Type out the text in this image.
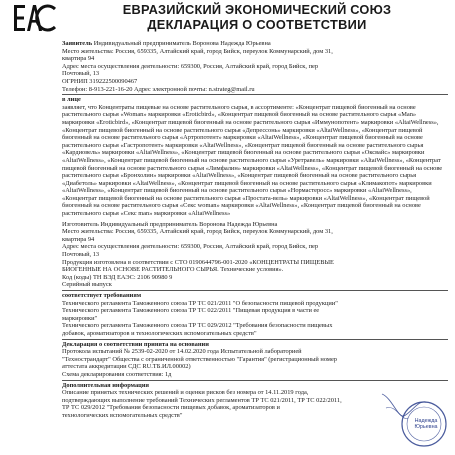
ЕВРАЗИЙСКИЙ ЭКОНОМИЧЕСКИЙ СОЮЗ
ДЕКЛАРАЦИЯ О СООТВЕТСТВИИ
Заявитель Индивидуальный предприниматель Воронова Надежда Юрьевна
Место жительства: Россия, 659335, Алтайский край, город Бийск, переулок Коммунарский, дом 31,
квартира 94
Адрес места осуществления деятельности: 659300, Россия, Алтайский край, город Бийск, пер
Почтовый, 13
ОГРНИП 319222500090467
Телефон: 8-913-221-16-20 Адрес электронной почты: n.strateg@mail.ru
в лице
заявляет, что Концентраты пищевые на основе растительного сырья, в ассортименте: «Концентрат пищевой биогенный на основе растительного сырья «Woman» маркировки «Eroticbird», «Концентрат пищевой биогенный на основе растительного сырья «Man» маркировки «Eroticbird», «Концентрат пищевой биогенный на основе растительного сырья «Иммунопотент» маркировки «AltaiWellness», «Концентрат пищевой биогенный на основе растительного сырья «Депрессонь» маркировки «AltaiWellness», «Концентрат пищевой биогенный на основе растительного сырья «Артропотент» маркировки «AltaiWellness», «Концентрат пищевой биогенный на основе растительного сырья «Гастропотент» маркировки «AltaiWellness», «Концентрат пищевой биогенный на основе растительного сырья «Кардиовель» маркировки «AltaiWellness», «Концентрат пищевой биогенный на основе растительного сырья «Оксвайс» маркировки «AltaiWellness», «Концентрат пищевой биогенный на основе растительного сырья «Уретравель» маркировки «AltaiWellness», «Концентрат пищевой биогенный на основе растительного сырья «Лимфалин» маркировки «AltaiWellness», «Концентрат пищевой биогенный на основе растительного сырья «Бронхолин» маркировки «AltaiWellness», «Концентрат пищевой биогенный на основе растительного сырья «Диабетоль» маркировки «AltaiWellness», «Концентрат пищевой биогенный на основе растительного сырья «Климакопот» маркировки «AltaiWellness», «Концентрат пищевой биогенный на основе растительного сырья «Нормастеросс» маркировки «AltaiWellness», «Концентрат пищевой биогенный на основе растительного сырья «Простата-вель» маркировки «AltaiWellness», «Концентрат пищевой биогенный на основе растительного сырья «Секс woman» маркировки «AltaiWellness», «Концентрат пищевой биогенный на основе растительного сырья «Секс man» маркировки «AltaiWellness»
Изготовитель Индивидуальный предприниматель Воронова Надежда Юрьевна
Место жительства: Россия, 659335, Алтайский край, город Бийск, переулок Коммунарский, дом 31,
квартира 94
Адрес места осуществления деятельности: 659300, Россия, Алтайский край, город Бийск, пер
Почтовый, 13
Продукция изготовлена в соответствии с СТО 0190644796-001-2020 «КОНЦЕНТРАТЫ ПИЩЕВЫЕ
БИОГЕННЫЕ НА ОСНОВЕ РАСТИТЕЛЬНОГО СЫРЬЯ. Технические условия».
Код (коды) ТН ВЭД ЕАЭС: 2106 90980 9
Серийный выпуск
соответствует требованиям
Технического регламента Таможенного союза ТР ТС 021/2011 "О безопасности пищевой продукции"
Технического регламента Таможенного союза ТР ТС 022/2011 "Пищевая продукция в части ее
маркировки"
Технического регламента Таможенного союза ТР ТС 029/2012 "Требования безопасности пищевых
добавок, ароматизаторов и технологических вспомогательных средств"
Декларация о соответствии принята на основании
Протокола испытаний № 2539-02-2020 от 14.02.2020 года Испытательной лабораторией
"Технострандарт" Общества с ограниченной ответственностью "Гарантия" (регистрационный номер
аттестата аккредитации СДС RU.ТБ.ИЛ.00002)
Схема декларирования соответствия: 1д
Дополнительная информация
Описание принятых технических решений и оценки рисков без номера от 14.11.2019 года,
подтверждающих выполнение требований Технических регламентов ТР ТС 021/2011, ТР ТС 022/2011,
ТР ТС 029/2012 "Требования безопасности пищевых добавок, ароматизаторов и
технологических вспомогательных средств"
Надежда
Юрьевна
